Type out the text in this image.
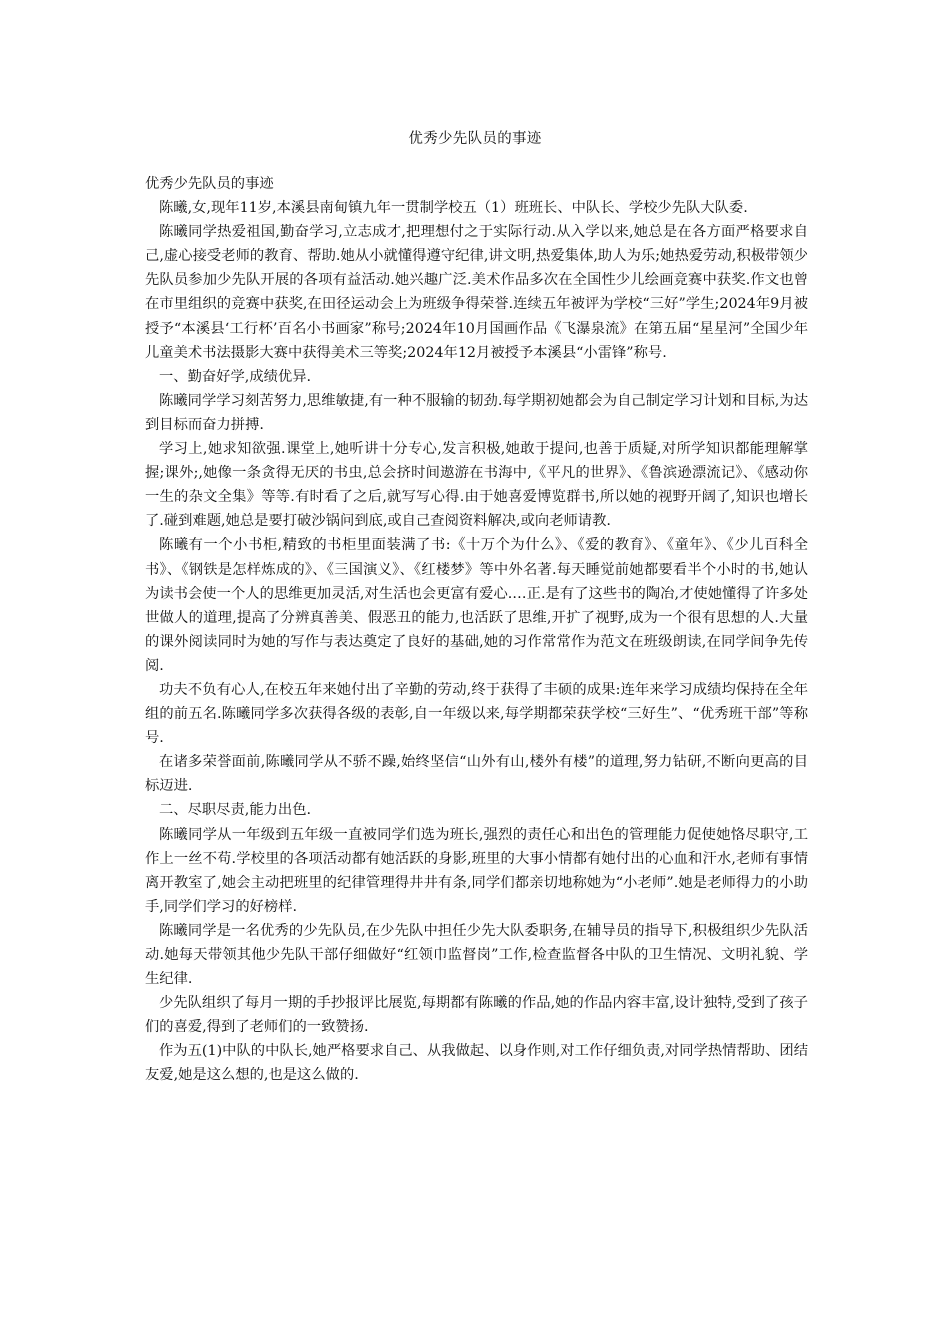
优秀少先队员的事迹

优秀少先队员的事迹

陈曦,女,现年11岁,本溪县南甸镇九年一贯制学校五（1）班班长、中队长、学校少先队大队委.

陈曦同学热爱祖国,勤奋学习,立志成才,把理想付之于实际行动.从入学以来,她总是在各方面严格要求自己,虚心接受老师的教育、帮助.她从小就懂得遵守纪律,讲文明,热爱集体,助人为乐;她热爱劳动,积极带领少先队员参加少先队开展的各项有益活动.她兴趣广泛.美术作品多次在全国性少儿绘画竞赛中获奖.作文也曾在市里组织的竞赛中获奖,在田径运动会上为班级争得荣誉.连续五年被评为学校“三好”学生;2024年9月被授予“本溪县‘工行杯’百名小书画家”称号;2024年10月国画作品《飞瀑泉流》在第五届“星星河”全国少年儿童美术书法摄影大赛中获得美术三等奖;2024年12月被授予本溪县“小雷锋”称号.

一、勤奋好学,成绩优异.

陈曦同学学习刻苦努力,思维敏捷,有一种不服输的韧劲.每学期初她都会为自己制定学习计划和目标,为达到目标而奋力拼搏.

学习上,她求知欲强.课堂上,她听讲十分专心,发言积极,她敢于提问,也善于质疑,对所学知识都能理解掌握;课外;,她像一条贪得无厌的书虫,总会挤时间遨游在书海中,《平凡的世界》、《鲁滨逊漂流记》、《感动你一生的杂文全集》等等.有时看了之后,就写写心得.由于她喜爱博览群书,所以她的视野开阔了,知识也增长了.碰到难题,她总是要打破沙锅问到底,或自己查阅资料解决,或向老师请教.

陈曦有一个小书柜,精致的书柜里面装满了书:《十万个为什么》、《爱的教育》、《童年》、《少儿百科全书》、《钢铁是怎样炼成的》、《三国演义》、《红楼梦》等中外名著.每天睡觉前她都要看半个小时的书,她认为读书会使一个人的思维更加灵活,对生活也会更富有爱心.…正.是有了这些书的陶冶,才使她懂得了许多处世做人的道理,提高了分辨真善美、假恶丑的能力,也活跃了思维,开扩了视野,成为一个很有思想的人.大量的课外阅读同时为她的写作与表达奠定了良好的基础,她的习作常常作为范文在班级朗读,在同学间争先传阅.

功夫不负有心人,在校五年来她付出了辛勤的劳动,终于获得了丰硕的成果:连年来学习成绩均保持在全年组的前五名.陈曦同学多次获得各级的表彰,自一年级以来,每学期都荣获学校“三好生”、“优秀班干部”等称号.

在诸多荣誉面前,陈曦同学从不骄不躁,始终坚信“山外有山,楼外有楼”的道理,努力钻研,不断向更高的目标迈进.

二、尽职尽责,能力出色.

陈曦同学从一年级到五年级一直被同学们选为班长,强烈的责任心和出色的管理能力促使她恪尽职守,工作上一丝不苟.学校里的各项活动都有她活跃的身影,班里的大事小情都有她付出的心血和汗水,老师有事情离开教室了,她会主动把班里的纪律管理得井井有条,同学们都亲切地称她为“小老师”.她是老师得力的小助手,同学们学习的好榜样.

陈曦同学是一名优秀的少先队员,在少先队中担任少先大队委职务,在辅导员的指导下,积极组织少先队活动.她每天带领其他少先队干部仔细做好“红领巾监督岗”工作,检查监督各中队的卫生情况、文明礼貌、学生纪律.

少先队组织了每月一期的手抄报评比展览,每期都有陈曦的作品,她的作品内容丰富,设计独特,受到了孩子们的喜爱,得到了老师们的一致赞扬.

作为五(1)中队的中队长,她严格要求自己、从我做起、以身作则,对工作仔细负责,对同学热情帮助、团结友爱,她是这么想的,也是这么做的.
